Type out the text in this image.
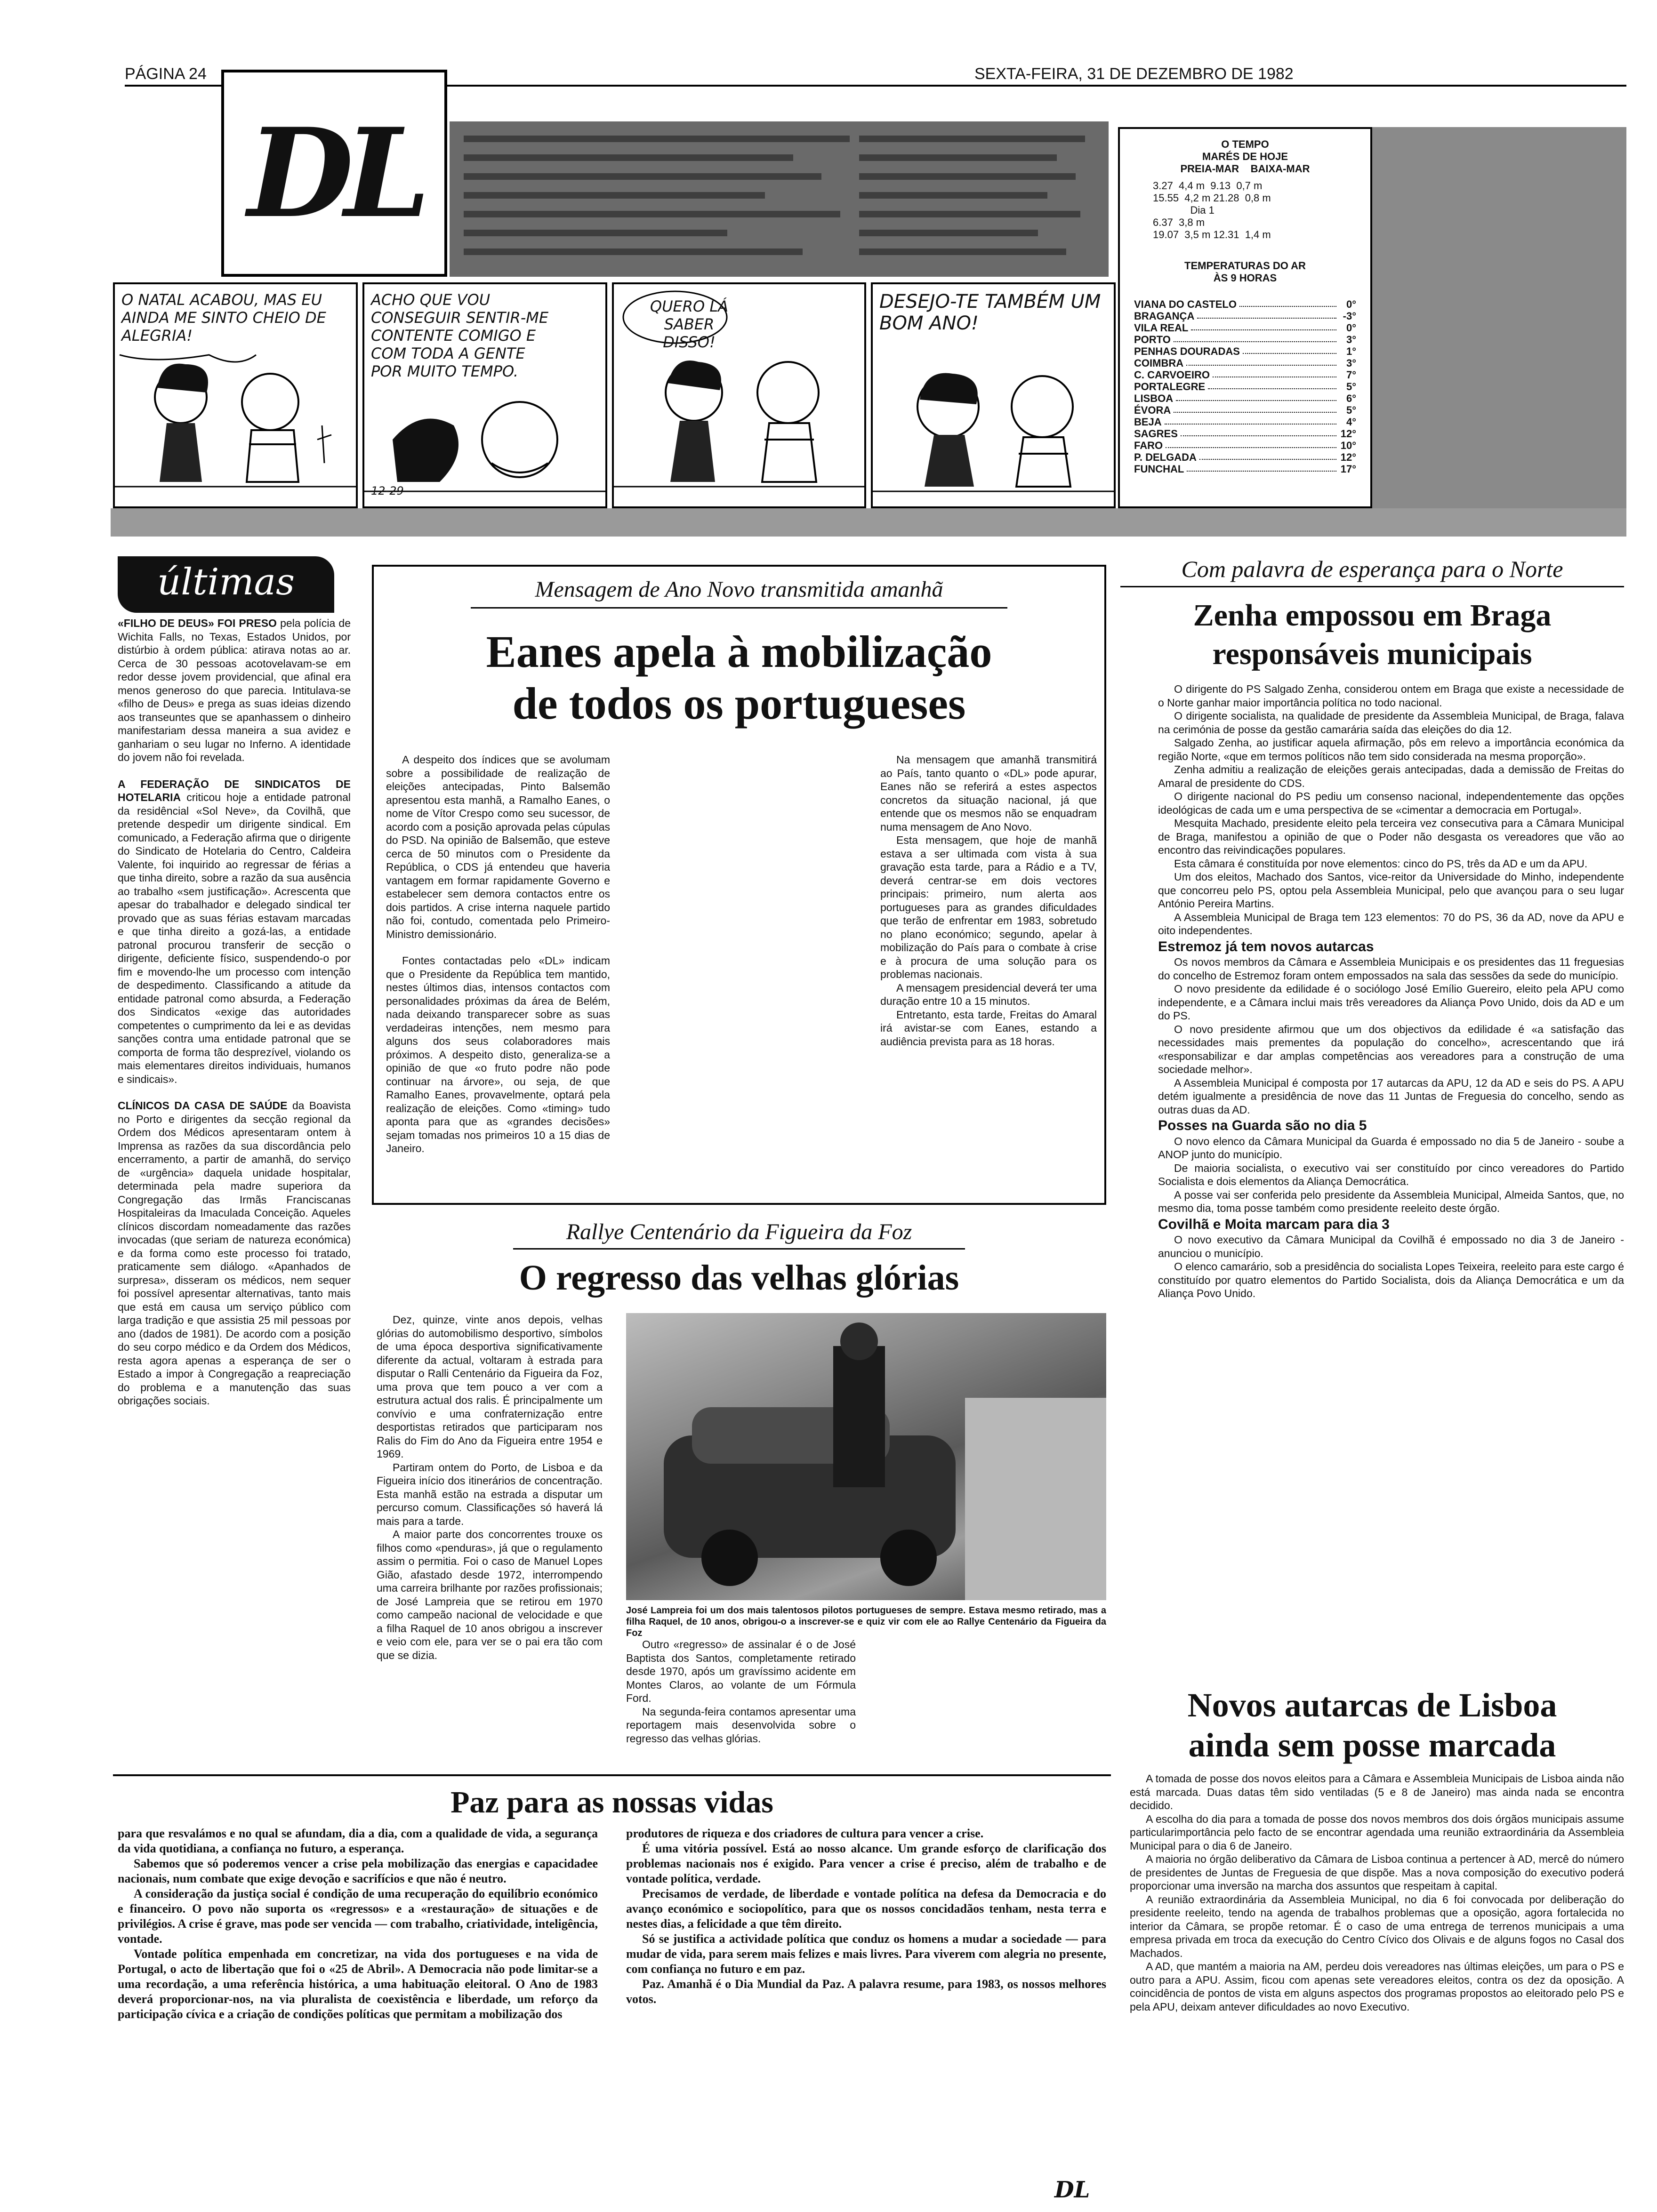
PÁGINA 24	SEXTA-FEIRA, 31 DE DEZEMBRO DE 1982
DL	O TEMPO
MARÉS DE HOJE
PREIA-MAR    BAIXA-MAR
3.27  4,4 m  9.13  0,7 m
15.55  4,2 m 21.28  0,8 m
Dia 1
6.37  3,8 m
19.07  3,5 m 12.31  1,4 m
TEMPERATURAS DO AR
ÀS 9 HORAS
VIANA DO CASTELO	0°
BRAGANÇA	-3°
VILA REAL	0°
PORTO	3°
PENHAS DOURADAS	1°
COIMBRA	3°
C. CARVOEIRO	7°
PORTALEGRE	5°
LISBOA	6°
ÉVORA	5°
BEJA	4°
SAGRES	12°
FARO	10°
P. DELGADA	12°
FUNCHAL	17°
O NATAL ACABOU, MAS EU AINDA ME SINTO CHEIO DE ALEGRIA!
ACHO QUE VOU CONSEGUIR SENTIR-ME CONTENTE COMIGO E COM TODA A GENTE POR MUITO TEMPO.
12-29
QUERO LÁ SABER DISSO!
DESEJO-TE TAMBÉM UM BOM ANO!
últimas

«FILHO DE DEUS» FOI PRESO pela polícia de Wichita Falls, no Texas, Estados Unidos, por distúrbio à ordem pública: atirava notas ao ar. Cerca de 30 pessoas acotovelavam-se em redor desse jovem providencial, que afinal era menos generoso do que parecia. Intitulava-se «filho de Deus» e prega as suas ideias dizendo aos transeuntes que se apanhassem o dinheiro manifestariam dessa maneira a sua avidez e ganhariam o seu lugar no Inferno. A identidade do jovem não foi revelada.

A FEDERAÇÃO DE SINDICATOS DE HOTELARIA criticou hoje a entidade patronal da residêncial «Sol Neve», da Covilhã, que pretende despedir um dirigente sindical. Em comunicado, a Federação afirma que o dirigente do Sindicato de Hotelaria do Centro, Caldeira Valente, foi inquirido ao regressar de férias a que tinha direito, sobre a razão da sua ausência ao trabalho «sem justificação». Acrescenta que apesar do trabalhador e delegado sindical ter provado que as suas férias estavam marcadas e que tinha direito a gozá-las, a entidade patronal procurou transferir de secção o dirigente, deficiente físico, suspendendo-o por fim e movendo-lhe um processo com intenção de despedimento. Classificando a atitude da entidade patronal como absurda, a Federação dos Sindicatos «exige das autoridades competentes o cumprimento da lei e as devidas sanções contra uma entidade patronal que se comporta de forma tão desprezível, violando os mais elementares direitos individuais, humanos e sindicais».

CLÍNICOS DA CASA DE SAÚDE da Boavista no Porto e dirigentes da secção regional da Ordem dos Médicos apresentaram ontem à Imprensa as razões da sua discordância pelo encerramento, a partir de amanhã, do serviço de «urgência» daquela unidade hospitalar, determinada pela madre superiora da Congregação das Irmãs Franciscanas Hospitaleiras da Imaculada Conceição. Aqueles clínicos discordam nomeadamente das razões invocadas (que seriam de natureza económica) e da forma como este processo foi tratado, praticamente sem diálogo. «Apanhados de surpresa», disseram os médicos, nem sequer foi possível apresentar alternativas, tanto mais que está em causa um serviço público com larga tradição e que assistia 25 mil pessoas por ano (dados de 1981). De acordo com a posição do seu corpo médico e da Ordem dos Médicos, resta agora apenas a esperança de ser o Estado a impor à Congregação a reapreciação do problema e a manutenção das suas obrigações sociais.

Mensagem de Ano Novo transmitida amanhã
Eanes apela à mobilização
de todos os portugueses

A despeito dos índices que se avolumam sobre a possibilidade de realização de eleições antecipadas, Pinto Balsemão apresentou esta manhã, a Ramalho Eanes, o nome de Vítor Crespo como seu sucessor, de acordo com a posição aprovada pelas cúpulas do PSD. Na opinião de Balsemão, que esteve cerca de 50 minutos com o Presidente da República, o CDS já entendeu que haveria vantagem em formar rapidamente Governo e estabelecer sem demora contactos entre os dois partidos. A crise interna naquele partido não foi, contudo, comentada pelo Primeiro-Ministro demissionário.

Fontes contactadas pelo «DL» indicam que o Presidente da República tem mantido, nestes últimos dias, intensos contactos com personalidades próximas da área de Belém, nada deixando transparecer sobre as suas verdadeiras intenções, nem mesmo para alguns dos seus colaboradores mais próximos. A despeito disto, generaliza-se a opinião de que «o fruto podre não pode continuar na árvore», ou seja, de que Ramalho Eanes, provavelmente, optará pela realização de eleições. Como «timing» tudo aponta para que as «grandes decisões» sejam tomadas nos primeiros 10 a 15 dias de Janeiro.

Na mensagem que amanhã transmitirá ao País, tanto quanto o «DL» pode apurar, Eanes não se referirá a estes aspectos concretos da situação nacional, já que entende que os mesmos não se enquadram numa mensagem de Ano Novo.

Esta mensagem, que hoje de manhã estava a ser ultimada com vista à sua gravação esta tarde, para a Rádio e a TV, deverá centrar-se em dois vectores principais: primeiro, num alerta aos portugueses para as grandes dificuldades que terão de enfrentar em 1983, sobretudo no plano económico; segundo, apelar à mobilização do País para o combate à crise e à procura de uma solução para os problemas nacionais.

A mensagem presidencial deverá ter uma duração entre 10 a 15 minutos.

Entretanto, esta tarde, Freitas do Amaral irá avistar-se com Eanes, estando a audiência prevista para as 18 horas.

Rallye Centenário da Figueira da Foz
O regresso das velhas glórias

Dez, quinze, vinte anos depois, velhas glórias do automobilismo desportivo, símbolos de uma época desportiva significativamente diferente da actual, voltaram à estrada para disputar o Ralli Centenário da Figueira da Foz, uma prova que tem pouco a ver com a estrutura actual dos ralis. É principalmente um convívio e uma confraternização entre desportistas retirados que participaram nos Ralis do Fim do Ano da Figueira entre 1954 e 1969.

Partiram ontem do Porto, de Lisboa e da Figueira início dos itinerários de concentração. Esta manhã estão na estrada a disputar um percurso comum. Classificações só haverá lá mais para a tarde.

A maior parte dos concorrentes trouxe os filhos como «penduras», já que o regulamento assim o permitia. Foi o caso de Manuel Lopes Gião, afastado desde 1972, interrompendo uma carreira brilhante por razões profissionais; de José Lampreia que se retirou em 1970 como campeão nacional de velocidade e que a filha Raquel de 10 anos obrigou a inscrever e veio com ele, para ver se o pai era tão com que se dizia.

José Lampreia foi um dos mais talentosos pilotos portugueses de sempre. Estava mesmo retirado, mas a filha Raquel, de 10 anos, obrigou-o a inscrever-se e quiz vir com ele ao Rallye Centenário da Figueira da Foz

Outro «regresso» de assinalar é o de José Baptista dos Santos, completamente retirado desde 1970, após um gravíssimo acidente em Montes Claros, ao volante de um Fórmula Ford.

Na segunda-feira contamos apresentar uma reportagem mais desenvolvida sobre o regresso das velhas glórias.

Com palavra de esperança para o Norte
Zenha empossou em Braga
responsáveis municipais

O dirigente do PS Salgado Zenha, considerou ontem em Braga que existe a necessidade de o Norte ganhar maior importância política no todo nacional.

O dirigente socialista, na qualidade de presidente da Assembleia Municipal, de Braga, falava na cerimónia de posse da gestão camarária saída das eleições do dia 12.

Salgado Zenha, ao justificar aquela afirmação, pôs em relevo a importância económica da região Norte, «que em termos políticos não tem sido considerada na mesma proporção».

Zenha admitiu a realização de eleições gerais antecipadas, dada a demissão de Freitas do Amaral de presidente do CDS.

O dirigente nacional do PS pediu um consenso nacional, independentemente das opções ideológicas de cada um e uma perspectiva de se «cimentar a democracia em Portugal».

Mesquita Machado, presidente eleito pela terceira vez consecutiva para a Câmara Municipal de Braga, manifestou a opinião de que o Poder não desgasta os vereadores que vão ao encontro das reivindicações populares.

Esta câmara é constituída por nove elementos: cinco do PS, três da AD e um da APU.

Um dos eleitos, Machado dos Santos, vice-reitor da Universidade do Minho, independente que concorreu pelo PS, optou pela Assembleia Municipal, pelo que avançou para o seu lugar António Pereira Martins.

A Assembleia Municipal de Braga tem 123 elementos: 70 do PS, 36 da AD, nove da APU e oito independentes.

Estremoz já tem novos autarcas

Os novos membros da Câmara e Assembleia Municipais e os presidentes das 11 freguesias do concelho de Estremoz foram ontem empossados na sala das sessões da sede do município.

O novo presidente da edilidade é o sociólogo José Emílio Guereiro, eleito pela APU como independente, e a Câmara inclui mais três vereadores da Aliança Povo Unido, dois da AD e um do PS.

O novo presidente afirmou que um dos objectivos da edilidade é «a satisfação das necessidades mais prementes da população do concelho», acrescentando que irá «responsabilizar e dar amplas competências aos vereadores para a construção de uma sociedade melhor».

A Assembleia Municipal é composta por 17 autarcas da APU, 12 da AD e seis do PS. A APU detém igualmente a presidência de nove das 11 Juntas de Freguesia do concelho, sendo as outras duas da AD.

Posses na Guarda são no dia 5

O novo elenco da Câmara Municipal da Guarda é empossado no dia 5 de Janeiro - soube a ANOP junto do município.

De maioria socialista, o executivo vai ser constituído por cinco vereadores do Partido Socialista e dois elementos da Aliança Democrática.

A posse vai ser conferida pelo presidente da Assembleia Municipal, Almeida Santos, que, no mesmo dia, toma posse também como presidente reeleito deste órgão.

Covilhã e Moita marcam para dia 3

O novo executivo da Câmara Municipal da Covilhã é empossado no dia 3 de Janeiro - anunciou o município.

O elenco camarário, sob a presidência do socialista Lopes Teixeira, reeleito para este cargo é constituído por quatro elementos do Partido Socialista, dois da Aliança Democrática e um da Aliança Povo Unido.

Novos autarcas de Lisboa
ainda sem posse marcada

A tomada de posse dos novos eleitos para a Câmara e Assembleia Municipais de Lisboa ainda não está marcada. Duas datas têm sido ventiladas (5 e 8 de Janeiro) mas ainda nada se encontra decidido.

A escolha do dia para a tomada de posse dos novos membros dos dois órgãos municipais assume particularimportância pelo facto de se encontrar agendada uma reunião extraordinária da Assembleia Municipal para o dia 6 de Janeiro.

A maioria no órgão deliberativo da Câmara de Lisboa continua a pertencer à AD, mercê do número de presidentes de Juntas de Freguesia de que dispõe. Mas a nova composição do executivo poderá proporcionar uma inversão na marcha dos assuntos que respeitam à capital.

A reunião extraordinária da Assembleia Municipal, no dia 6 foi convocada por deliberação do presidente reeleito, tendo na agenda de trabalhos problemas que a oposição, agora fortalecida no interior da Câmara, se propõe retomar. É o caso de uma entrega de terrenos municipais a uma empresa privada em troca da execução do Centro Cívico dos Olivais e de alguns fogos no Casal dos Machados.

A AD, que mantém a maioria na AM, perdeu dois vereadores nas últimas eleições, um para o PS e outro para a APU. Assim, ficou com apenas sete vereadores eleitos, contra os dez da oposição. A coincidência de pontos de vista em alguns aspectos dos programas propostos ao eleitorado pelo PS e pela APU, deixam antever dificuldades ao novo Executivo.

Paz para as nossas vidas

para que resvalámos e no qual se afundam, dia a dia, com a qualidade de vida, a segurança da vida quotidiana, a confiança no futuro, a esperança.

Sabemos que só poderemos vencer a crise pela mobilização das energias e capacidadee nacionais, num combate que exige devoção e sacrifícios e que não é neutro.

A consideração da justiça social é condição de uma recuperação do equilíbrio económico e financeiro. O povo não suporta os «regressos» e a «restauração» de situações e de privilégios. A crise é grave, mas pode ser vencida — com trabalho, criatividade, inteligência, vontade.

Vontade política empenhada em concretizar, na vida dos portugueses e na vida de Portugal, o acto de libertação que foi o «25 de Abril». A Democracia não pode limitar-se a uma recordação, a uma referência histórica, a uma habituação eleitoral. O Ano de 1983 deverá proporcionar-nos, na via pluralista de coexistência e liberdade, um reforço da participação cívica e a criação de condições políticas que permitam a mobilização dos

produtores de riqueza e dos criadores de cultura para vencer a crise.

É uma vitória possível. Está ao nosso alcance. Um grande esforço de clarificação dos problemas nacionais nos é exigido. Para vencer a crise é preciso, além de trabalho e de vontade política, verdade.

Precisamos de verdade, de liberdade e vontade política na defesa da Democracia e do avanço económico e sociopolítico, para que os nossos concidadãos tenham, nesta terra e nestes dias, a felicidade a que têm direito.

Só se justifica a actividade política que conduz os homens a mudar a sociedade — para mudar de vida, para serem mais felizes e mais livres. Para viverem com alegria no presente, com confiança no futuro e em paz.

Paz. Amanhã é o Dia Mundial da Paz. A palavra resume, para 1983, os nossos melhores votos.

DL
